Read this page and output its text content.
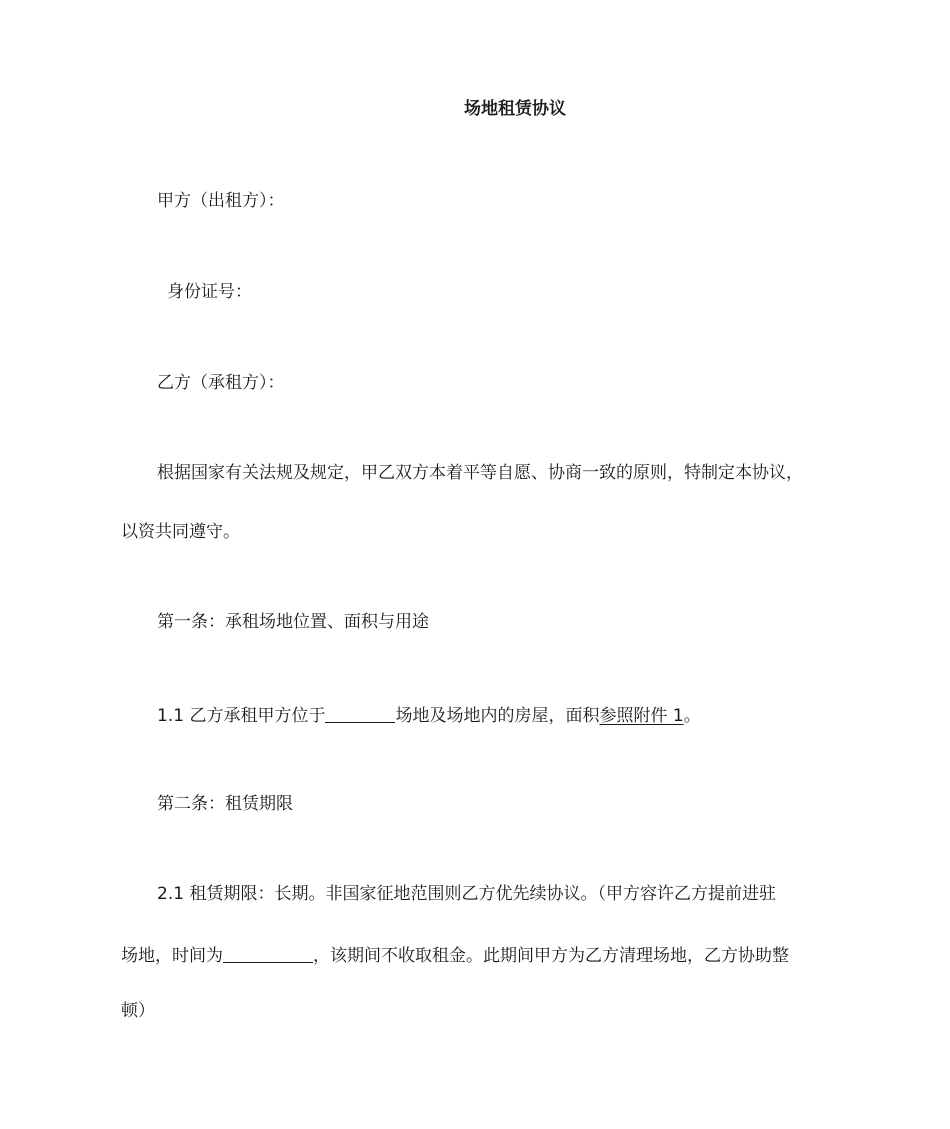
场地租赁协议
甲方（出租方）：
身份证号：
乙方（承租方）：
根据国家有关法规及规定，甲乙双方本着平等自愿、协商一致的原则，特制定本协议，
以资共同遵守。
第一条：承租场地位置、面积与用途
1.1 乙方承租甲方位于	场地及场地内的房屋，面积参照附件 1。
第二条：租赁期限
2.1 租赁期限：长期。非国家征地范围则乙方优先续协议。（甲方容许乙方提前进驻
场地，时间为	，该期间不收取租金。此期间甲方为乙方清理场地，乙方协助整
顿）
